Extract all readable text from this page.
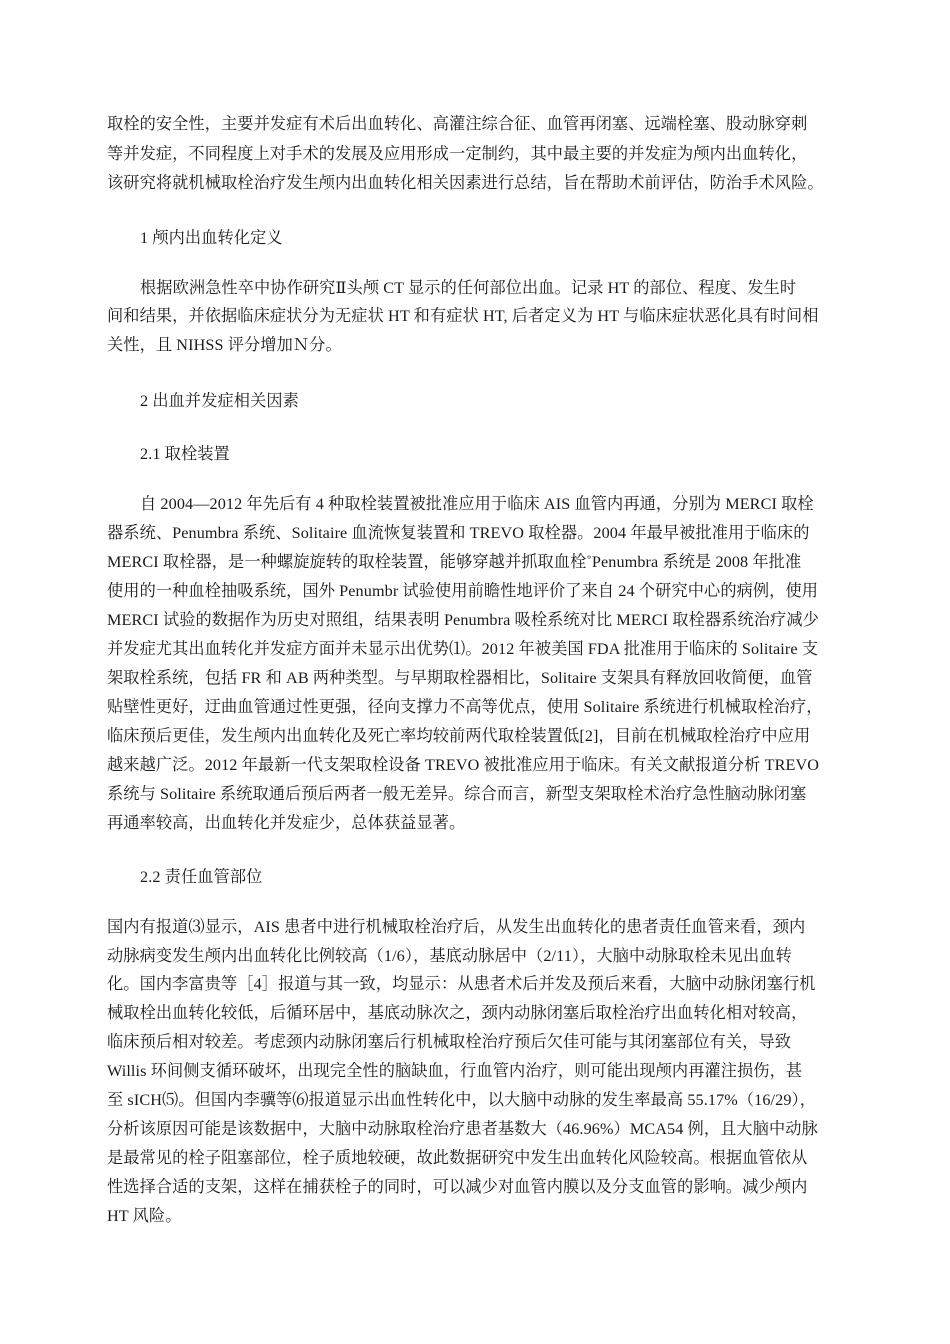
取栓的安全性，主要并发症有术后出血转化、高灌注综合征、血管再闭塞、远端栓塞、股动脉穿刺
等并发症，不同程度上对手术的发展及应用形成一定制约，其中最主要的并发症为颅内出血转化，
该研究将就机械取栓治疗发生颅内出血转化相关因素进行总结，旨在帮助术前评估，防治手术风险。
1 颅内出血转化定义
根据欧洲急性卒中协作研究Ⅱ头颅 CT 显示的任何部位出血。记录 HT 的部位、程度、发生时
间和结果，并依据临床症状分为无症状 HT 和有症状 HT, 后者定义为 HT 与临床症状恶化具有时间相
关性，且 NIHSS 评分增加Ｎ分。
2 出血并发症相关因素
2.1 取栓装置
自 2004—2012 年先后有 4 种取栓装置被批准应用于临床 AIS 血管内再通，分别为 MERCI 取栓
器系统、Penumbra 系统、Solitaire 血流恢复装置和 TREVO 取栓器。2004 年最早被批准用于临床的
MERCI 取栓器，是一种螺旋旋转的取栓装置，能够穿越并抓取血栓˚Penumbra 系统是 2008 年批准
使用的一种血栓抽吸系统，国外 Penumbr 试验使用前瞻性地评价了来自 24 个研究中心的病例，使用
MERCI 试验的数据作为历史对照组，结果表明 Penumbra 吸栓系统对比 MERCI 取栓器系统治疗减少
并发症尤其出血转化并发症方面并未显示出优势⑴。2012 年被美国 FDA 批准用于临床的 Solitaire 支
架取栓系统，包括 FR 和 AB 两种类型。与早期取栓器相比，Solitaire 支架具有释放回收简便，血管
贴壁性更好，迂曲血管通过性更强，径向支撑力不高等优点，使用 Solitaire 系统进行机械取栓治疗，
临床预后更佳，发生颅内出血转化及死亡率均较前两代取栓装置低[2]，目前在机械取栓治疗中应用
越来越广泛。2012 年最新一代支架取栓设备 TREVO 被批准应用于临床。有关文献报道分析 TREVO
系统与 Solitaire 系统取通后预后两者一般无差异。综合而言，新型支架取栓术治疗急性脑动脉闭塞
再通率较高，出血转化并发症少，总体获益显著。
2.2 责任血管部位
国内有报道⑶显示，AIS 患者中进行机械取栓治疗后，从发生出血转化的患者责任血管来看，颈内
动脉病变发生颅内出血转化比例较高（1/6），基底动脉居中（2/11），大脑中动脉取栓未见出血转
化。国内李富贵等［4］报道与其一致，均显示：从患者术后并发及预后来看，大脑中动脉闭塞行机
械取栓出血转化较低，后循环居中，基底动脉次之，颈内动脉闭塞后取栓治疗出血转化相对较高，
临床预后相对较差。考虑颈内动脉闭塞后行机械取栓治疗预后欠佳可能与其闭塞部位有关，导致
Willis 环间侧支循环破坏，出现完全性的脑缺血，行血管内治疗，则可能出现颅内再灌注损伤，甚
至 sICH⑸。但国内李骥等⑹报道显示出血性转化中，以大脑中动脉的发生率最高 55.17%（16/29），
分析该原因可能是该数据中，大脑中动脉取栓治疗患者基数大（46.96%）MCA54 例，且大脑中动脉
是最常见的栓子阻塞部位，栓子质地较硬，故此数据研究中发生出血转化风险较高。根据血管依从
性选择合适的支架，这样在捕获栓子的同时，可以减少对血管内膜以及分支血管的影响。减少颅内
HT 风险。
